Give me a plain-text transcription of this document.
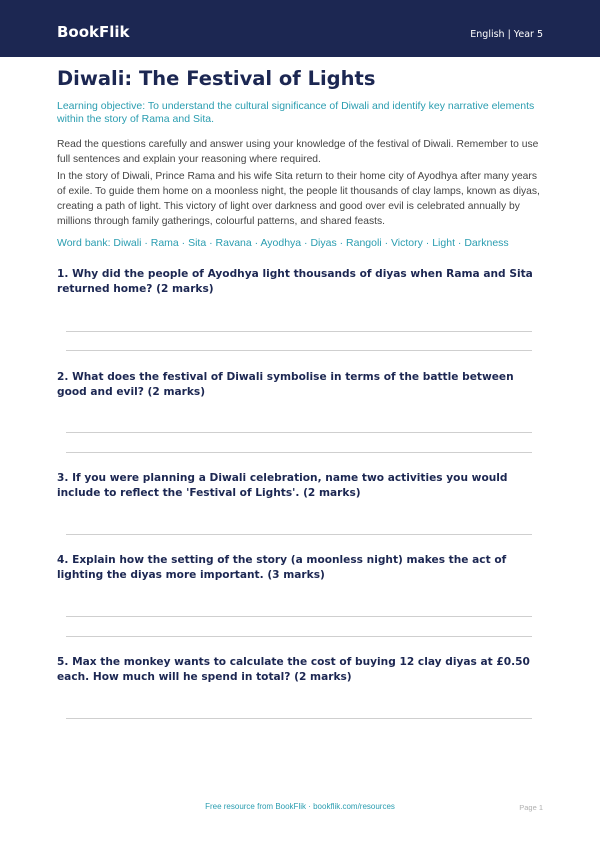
BookFlik	English | Year 5
Diwali: The Festival of Lights

Learning objective: To understand the cultural significance of Diwali and identify key narrative elements within the story of Rama and Sita.

Read the questions carefully and answer using your knowledge of the festival of Diwali. Remember to use full sentences and explain your reasoning where required.

In the story of Diwali, Prince Rama and his wife Sita return to their home city of Ayodhya after many years of exile. To guide them home on a moonless night, the people lit thousands of clay lamps, known as diyas, creating a path of light. This victory of light over darkness and good over evil is celebrated annually by millions through family gatherings, colourful patterns, and shared feasts.

Word bank: Diwali · Rama · Sita · Ravana · Ayodhya · Diyas · Rangoli · Victory · Light · Darkness

1. Why did the people of Ayodhya light thousands of diyas when Rama and Sita returned home? (2 marks)

2. What does the festival of Diwali symbolise in terms of the battle between good and evil? (2 marks)

3. If you were planning a Diwali celebration, name two activities you would include to reflect the 'Festival of Lights'. (2 marks)

4. Explain how the setting of the story (a moonless night) makes the act of lighting the diyas more important. (3 marks)

5. Max the monkey wants to calculate the cost of buying 12 clay diyas at £0.50 each. How much will he spend in total? (2 marks)

Free resource from BookFlik · bookflik.com/resources	Page 1
